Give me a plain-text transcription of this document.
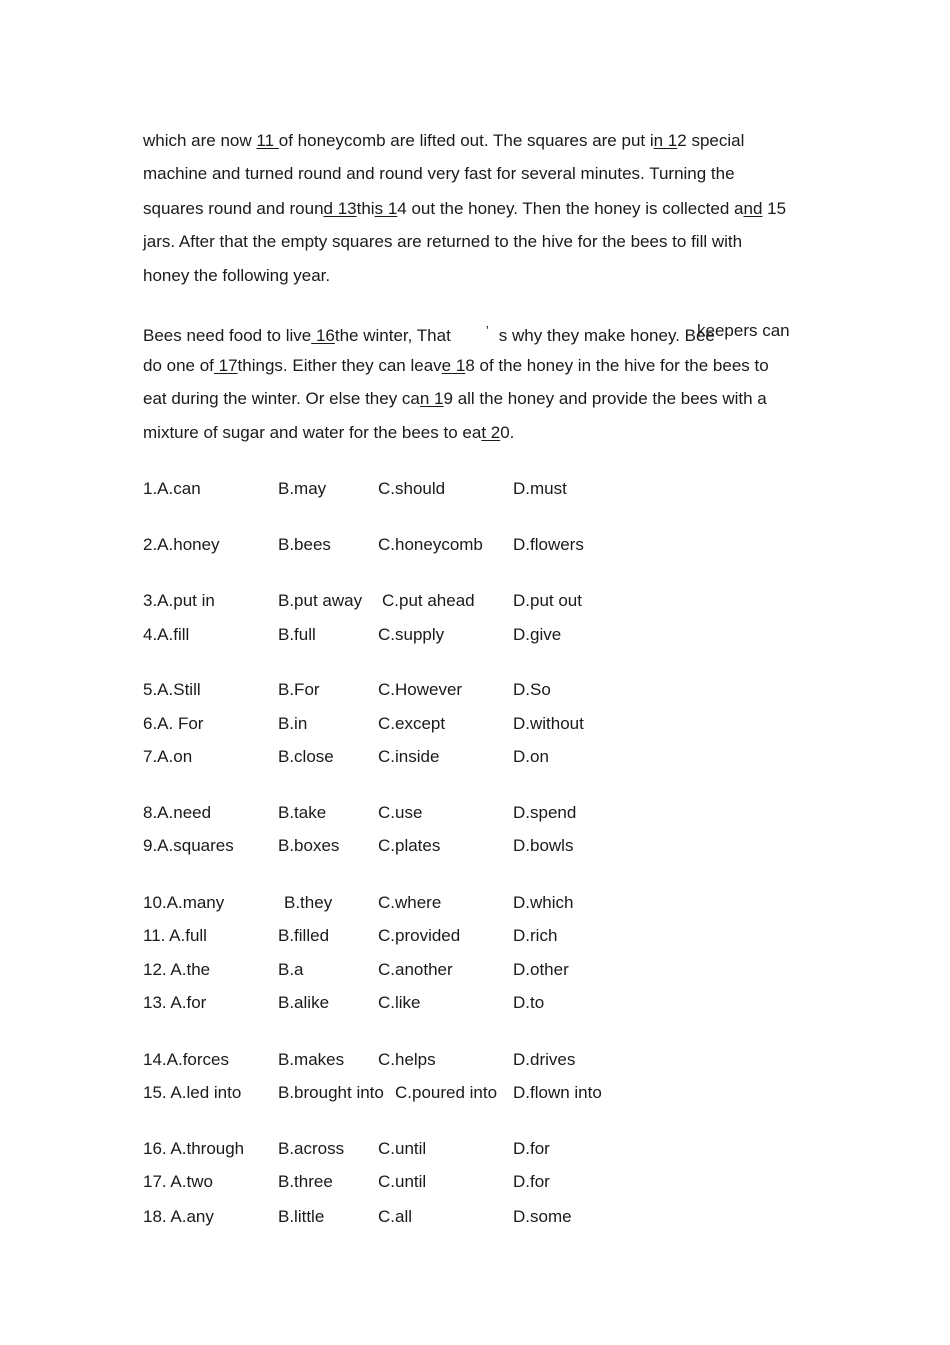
which are now 11 of honeycomb are lifted out. The squares are put in 12 special
machine and turned round and round very fast for several minutes. Turning the
squares round and round 13this 14 out the honey. Then the honey is collected and 15
jars. After that the empty squares are returned to the hive for the bees to fill with
honey the following year.
Bees need food to live 16the winter, That	’ s why they make honey. Bee
keepers can
do one of 17things. Either they can leave 18 of the honey in the hive for the bees to
eat during the winter. Or else they can 19 all the honey and provide the bees with a
mixture of sugar and water for the bees to eat 20.
1.A.can	B.may	C.should	D.must
2.A.honey	B.bees	C.honeycomb D.flowers
3.A.put in	B.put away C.put ahead D.put out
4.A.fill	B.full	C.supply	D.give
5.A.Still	B.For	C.However	D.So
6.A. For	B.in	C.except	D.without
7.A.on	B.close	C.inside	D.on
8.A.need	B.take	C.use	D.spend
9.A.squares	B.boxes C.plates	D.bowls
10.A.many	B.they	C.where	D.which
11. A.full	B.filled	C.provided	D.rich
12. A.the	B.a	C.another	D.other
13. A.for	B.alike	C.like	D.to
14.A.forces	B.makes C.helps	D.drives
15. A.led into B.brought into C.poured into D.flown into
16. A.through B.across C.until	D.for
17. A.two	B.three	C.until	D.for
18. A.any	B.little	C.all	D.some
